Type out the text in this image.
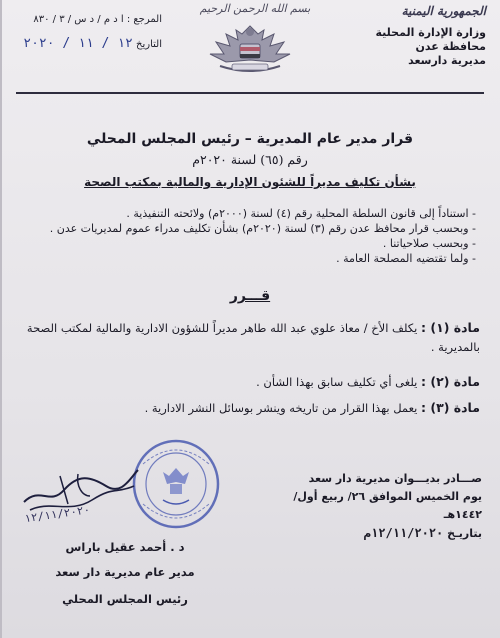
الجمهورية اليمنية
وزارة الإدارة المحلية
محافظة عدن
مديرية دارسعد
بسم الله الرحمن الرحيم
المرجع : ا د م / د س / ٣ / ٨٣٠
التاريخ ١٢ / ١١ / ٢٠٢٠
قرار مدير عام المديرية – رئيس المجلس المحلي
رقم (٦٥) لسنة ٢٠٢٠م
بشأن تكليف مديراً للشئون الإدارية والمالية بمكتب الصحة
- استناداً إلى قانون السلطة المحلية رقم (٤) لسنة (٢٠٠٠م) ولائحته التنفيذية .
- وبحسب قرار محافظ عدن رقم (٣) لسنة (٢٠٢٠م) بشأن تكليف مدراء عموم لمديريات عدن .
- وبحسب صلاحياتنا .
- ولما تقتضيه المصلحة العامة .
قـــرر
مادة (١) : يكلف الأخ / معاذ علوي عبد الله طاهر مديراً للشؤون الادارية والمالية لمكتب الصحة بالمديرية .
مادة (٢) : يلغى أي تكليف سابق بهذا الشأن .
مادة (٣) : يعمل بهذا القرار من تاريخه وينشر بوسائل النشر الادارية .
صـــادر بديـــوان مديرية دار سعد
يوم الخميس الموافق ٢٦/ ربيع أول/١٤٤٢هـ
بتاريـخ ١٢/١١/٢٠٢٠م
١٢/١١/٢٠٢٠
د . أحمد عقيل باراس
مدير عام مديرية دار سعد
رئيس المجلس المحلي
